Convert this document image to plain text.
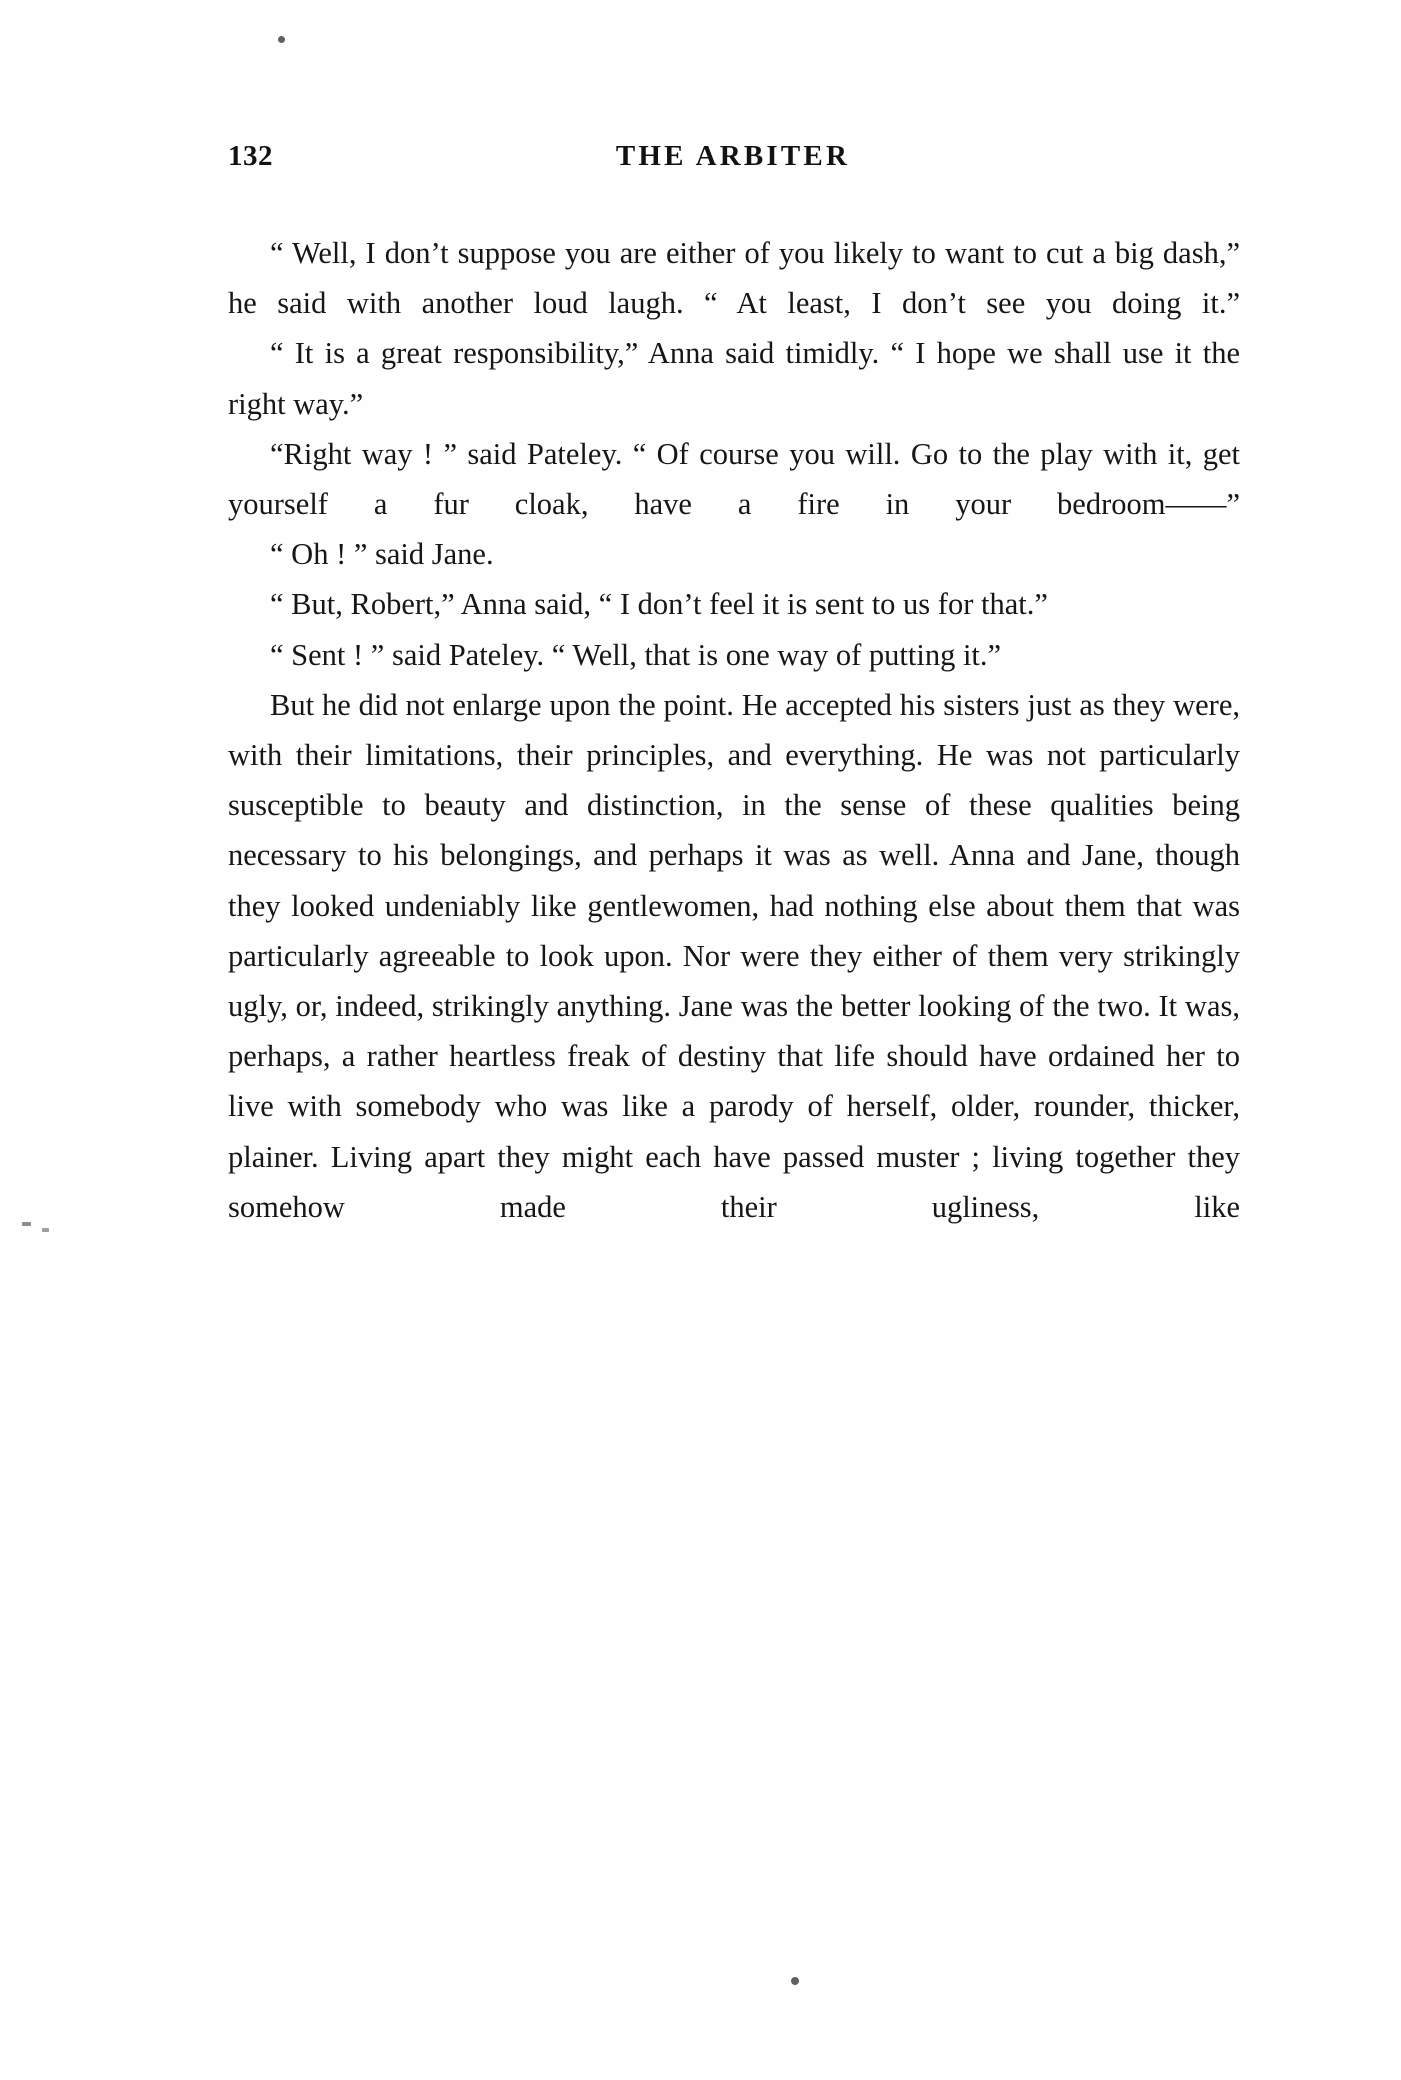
132	THE ARBITER

“ Well, I don’t suppose you are either of you likely to want to cut a big dash,” he said with another loud laugh. “ At least, I don’t see you doing it.”

“ It is a great responsibility,” Anna said timidly. “ I hope we shall use it the right way.”

“Right way ! ” said Pateley. “ Of course you will. Go to the play with it, get yourself a fur cloak, have a fire in your bedroom——”

“ Oh ! ” said Jane.

“ But, Robert,” Anna said, “ I don’t feel it is sent to us for that.”

“ Sent ! ” said Pateley. “ Well, that is one way of putting it.”

But he did not enlarge upon the point. He accepted his sisters just as they were, with their limitations, their principles, and everything. He was not particularly susceptible to beauty and distinction, in the sense of these qualities being necessary to his belongings, and perhaps it was as well. Anna and Jane, though they looked undeniably like gentlewomen, had nothing else about them that was particularly agreeable to look upon. Nor were they either of them very strikingly ugly, or, indeed, strikingly anything. Jane was the better looking of the two. It was, perhaps, a rather heartless freak of destiny that life should have ordained her to live with somebody who was like a parody of herself, older, rounder, thicker, plainer. Living apart they might each have passed muster ; living together they somehow made their ugliness, like
